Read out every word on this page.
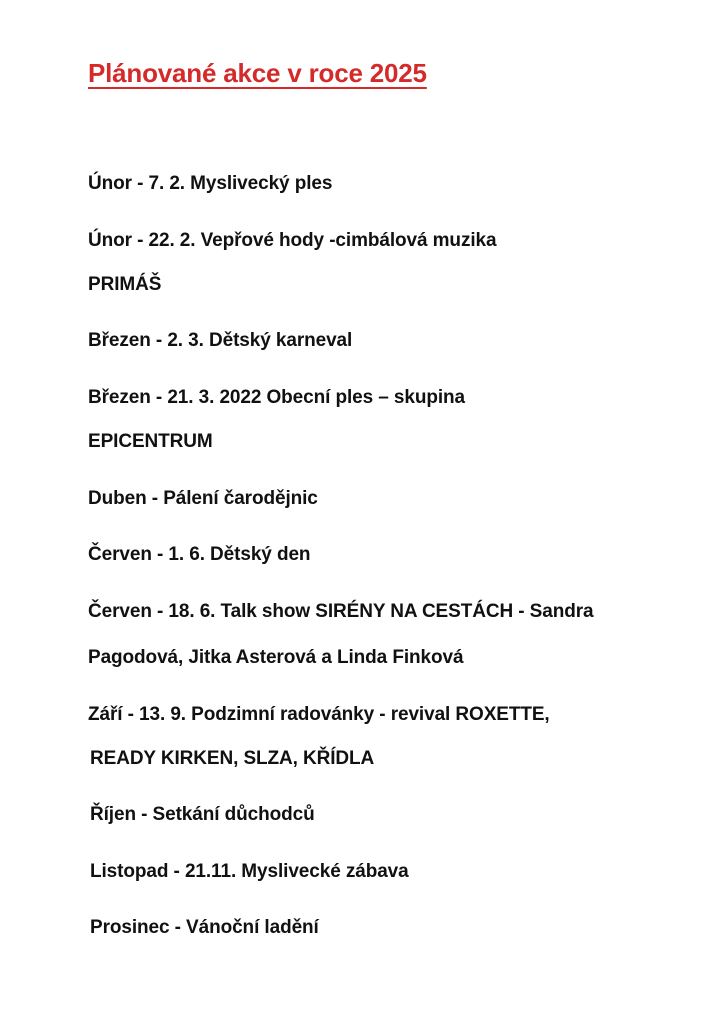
Plánované akce v roce 2025

Únor - 7. 2. Myslivecký ples

Únor - 22. 2. Vepřové hody -cimbálová muzika

PRIMÁŠ

Březen - 2. 3. Dětský karneval

Březen - 21. 3. 2022 Obecní ples – skupina

EPICENTRUM

Duben - Pálení čarodějnic

Červen - 1. 6. Dětský den

Červen - 18. 6. Talk show SIRÉNY NA CESTÁCH - Sandra

Pagodová, Jitka Asterová a Linda Finková

Září - 13. 9. Podzimní radovánky - revival ROXETTE,

READY KIRKEN, SLZA, KŘÍDLA

Říjen - Setkání důchodců

Listopad - 21.11. Myslivecké zábava

Prosinec - Vánoční ladění
